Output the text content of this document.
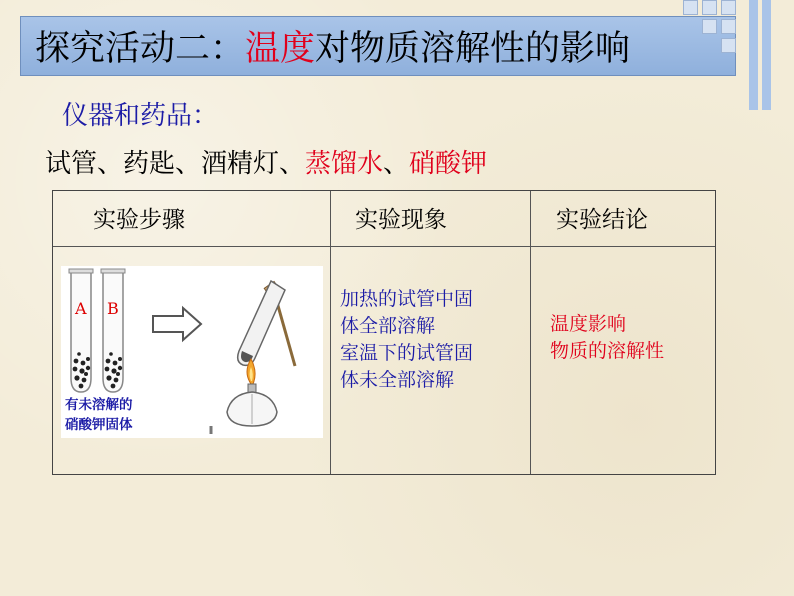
探究活动二：温度对物质溶解性的影响
仪器和药品：
试管、药匙、酒精灯、蒸馏水、硝酸钾
实验步骤	实验现象	实验结论
A B
有未溶解的
硝酸钾固体
加热的试管中固
体全部溶解
室温下的试管固
体未全部溶解
温度影响
物质的溶解性
